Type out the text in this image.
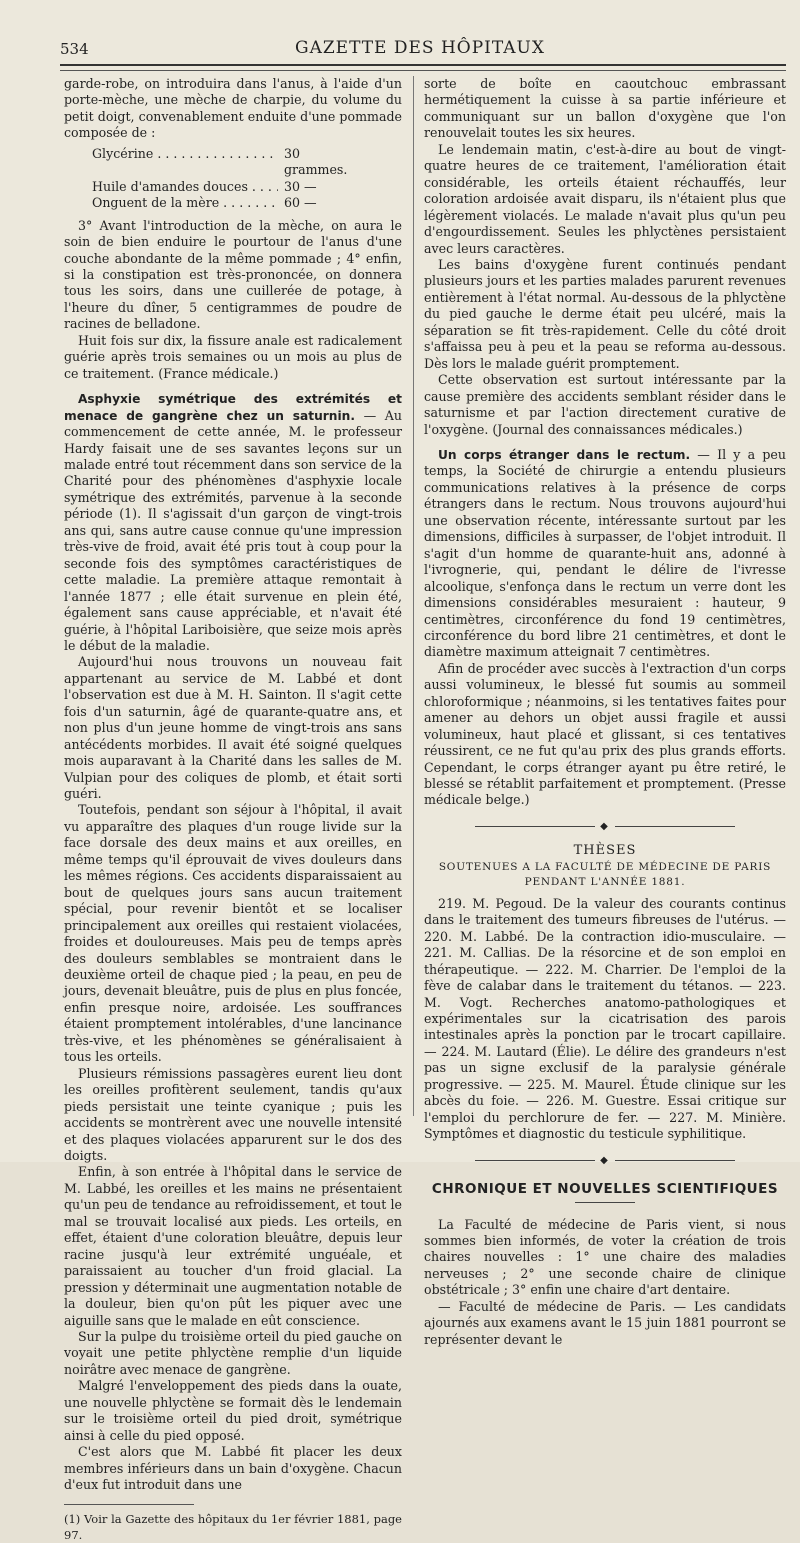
534	GAZETTE DES HÔPITAUX

garde-robe, on introduira dans l'anus, à l'aide d'un porte-mèche, une mèche de charpie, du volume du petit doigt, convenablement enduite d'une pommade composée de :

Glycérine . . .	30 grammes.
Huile d'amandes douces . . .	30 —
Onguent de la mère . . .	60 —

3° Avant l'introduction de la mèche, on aura le soin de bien enduire le pourtour de l'anus d'une couche abondante de la même pommade ; 4° enfin, si la constipation est très-prononcée, on donnera tous les soirs, dans une cuillerée de potage, à l'heure du dîner, 5 centigrammes de poudre de racines de belladone.

Huit fois sur dix, la fissure anale est radicalement guérie après trois semaines ou un mois au plus de ce traitement. (France médicale.)

Asphyxie symétrique des extrémités et menace de gangrène chez un saturnin. — Au commencement de cette année, M. le professeur Hardy faisait une de ses savantes leçons sur un malade entré tout récemment dans son service de la Charité pour des phénomènes d'asphyxie locale symétrique des extrémités, parvenue à la seconde période (1). Il s'agissait d'un garçon de vingt-trois ans qui, sans autre cause connue qu'une impression très-vive de froid, avait été pris tout à coup pour la seconde fois des symptômes caractéristiques de cette maladie. La première attaque remontait à l'année 1877 ; elle était survenue en plein été, également sans cause appréciable, et n'avait été guérie, à l'hôpital Lariboisière, que seize mois après le début de la maladie.

Aujourd'hui nous trouvons un nouveau fait appartenant au service de M. Labbé et dont l'observation est due à M. H. Sainton. Il s'agit cette fois d'un saturnin, âgé de quarante-quatre ans, et non plus d'un jeune homme de vingt-trois ans sans antécédents morbides. Il avait été soigné quelques mois auparavant à la Charité dans les salles de M. Vulpian pour des coliques de plomb, et était sorti guéri.

Toutefois, pendant son séjour à l'hôpital, il avait vu apparaître des plaques d'un rouge livide sur la face dorsale des deux mains et aux oreilles, en même temps qu'il éprouvait de vives douleurs dans les mêmes régions. Ces accidents disparaissaient au bout de quelques jours sans aucun traitement spécial, pour revenir bientôt et se localiser principalement aux oreilles qui restaient violacées, froides et douloureuses. Mais peu de temps après des douleurs semblables se montraient dans le deuxième orteil de chaque pied ; la peau, en peu de jours, devenait bleuâtre, puis de plus en plus foncée, enfin presque noire, ardoisée. Les souffrances étaient promptement intolérables, d'une lancinance très-vive, et les phénomènes se généralisaient à tous les orteils.

Plusieurs rémissions passagères eurent lieu dont les oreilles profitèrent seulement, tandis qu'aux pieds persistait une teinte cyanique ; puis les accidents se montrèrent avec une nouvelle intensité et des plaques violacées apparurent sur le dos des doigts.

Enfin, à son entrée à l'hôpital dans le service de M. Labbé, les oreilles et les mains ne présentaient qu'un peu de tendance au refroidissement, et tout le mal se trouvait localisé aux pieds. Les orteils, en effet, étaient d'une coloration bleuâtre, depuis leur racine jusqu'à leur extrémité unguéale, et paraissaient au toucher d'un froid glacial. La pression y déterminait une augmentation notable de la douleur, bien qu'on pût les piquer avec une aiguille sans que le malade en eût conscience.

Sur la pulpe du troisième orteil du pied gauche on voyait une petite phlyctène remplie d'un liquide noirâtre avec menace de gangrène.

Malgré l'enveloppement des pieds dans la ouate, une nouvelle phlyctène se formait dès le lendemain sur le troisième orteil du pied droit, symétrique ainsi à celle du pied opposé.

C'est alors que M. Labbé fit placer les deux membres inférieurs dans un bain d'oxygène. Chacun d'eux fut introduit dans une

(1) Voir la Gazette des hôpitaux du 1er février 1881, page 97.

sorte de boîte en caoutchouc embrassant hermétiquement la cuisse à sa partie inférieure et communiquant sur un ballon d'oxygène que l'on renouvelait toutes les six heures.

Le lendemain matin, c'est-à-dire au bout de vingt-quatre heures de ce traitement, l'amélioration était considérable, les orteils étaient réchauffés, leur coloration ardoisée avait disparu, ils n'étaient plus que légèrement violacés. Le malade n'avait plus qu'un peu d'engourdissement. Seules les phlyctènes persistaient avec leurs caractères.

Les bains d'oxygène furent continués pendant plusieurs jours et les parties malades parurent revenues entièrement à l'état normal. Au-dessous de la phlyctène du pied gauche le derme était peu ulcéré, mais la séparation se fit très-rapidement. Celle du côté droit s'affaissa peu à peu et la peau se reforma au-dessous. Dès lors le malade guérit promptement.

Cette observation est surtout intéressante par la cause première des accidents semblant résider dans le saturnisme et par l'action directement curative de l'oxygène. (Journal des connaissances médicales.)

Un corps étranger dans le rectum. — Il y a peu temps, la Société de chirurgie a entendu plusieurs communications relatives à la présence de corps étrangers dans le rectum. Nous trouvons aujourd'hui une observation récente, intéressante surtout par les dimensions, difficiles à surpasser, de l'objet introduit. Il s'agit d'un homme de quarante-huit ans, adonné à l'ivrognerie, qui, pendant le délire de l'ivresse alcoolique, s'enfonça dans le rectum un verre dont les dimensions considérables mesuraient : hauteur, 9 centimètres, circonférence du fond 19 centimètres, circonférence du bord libre 21 centimètres, et dont le diamètre maximum atteignait 7 centimètres.

Afin de procéder avec succès à l'extraction d'un corps aussi volumineux, le blessé fut soumis au sommeil chloroformique ; néanmoins, si les tentatives faites pour amener au dehors un objet aussi fragile et aussi volumineux, haut placé et glissant, si ces tentatives réussirent, ce ne fut qu'au prix des plus grands efforts. Cependant, le corps étranger ayant pu être retiré, le blessé se rétablit parfaitement et promptement. (Presse médicale belge.)

◆
THÈSES
SOUTENUES A LA FACULTÉ DE MÉDECINE DE PARIS
PENDANT L'ANNÉE 1881.

219. M. Pegoud. De la valeur des courants continus dans le traitement des tumeurs fibreuses de l'utérus. — 220. M. Labbé. De la contraction idio-musculaire. — 221. M. Callias. De la résorcine et de son emploi en thérapeutique. — 222. M. Charrier. De l'emploi de la fève de calabar dans le traitement du tétanos. — 223. M. Vogt. Recherches anatomo-pathologiques et expérimentales sur la cicatrisation des parois intestinales après la ponction par le trocart capillaire. — 224. M. Lautard (Élie). Le délire des grandeurs n'est pas un signe exclusif de la paralysie générale progressive. — 225. M. Maurel. Étude clinique sur les abcès du foie. — 226. M. Guestre. Essai critique sur l'emploi du perchlorure de fer. — 227. M. Minière. Symptômes et diagnostic du testicule syphilitique.

◆
CHRONIQUE ET NOUVELLES SCIENTIFIQUES

La Faculté de médecine de Paris vient, si nous sommes bien informés, de voter la création de trois chaires nouvelles : 1° une chaire des maladies nerveuses ; 2° une seconde chaire de clinique obstétricale ; 3° enfin une chaire d'art dentaire.

— Faculté de médecine de Paris. — Les candidats ajournés aux examens avant le 15 juin 1881 pourront se représenter devant le
